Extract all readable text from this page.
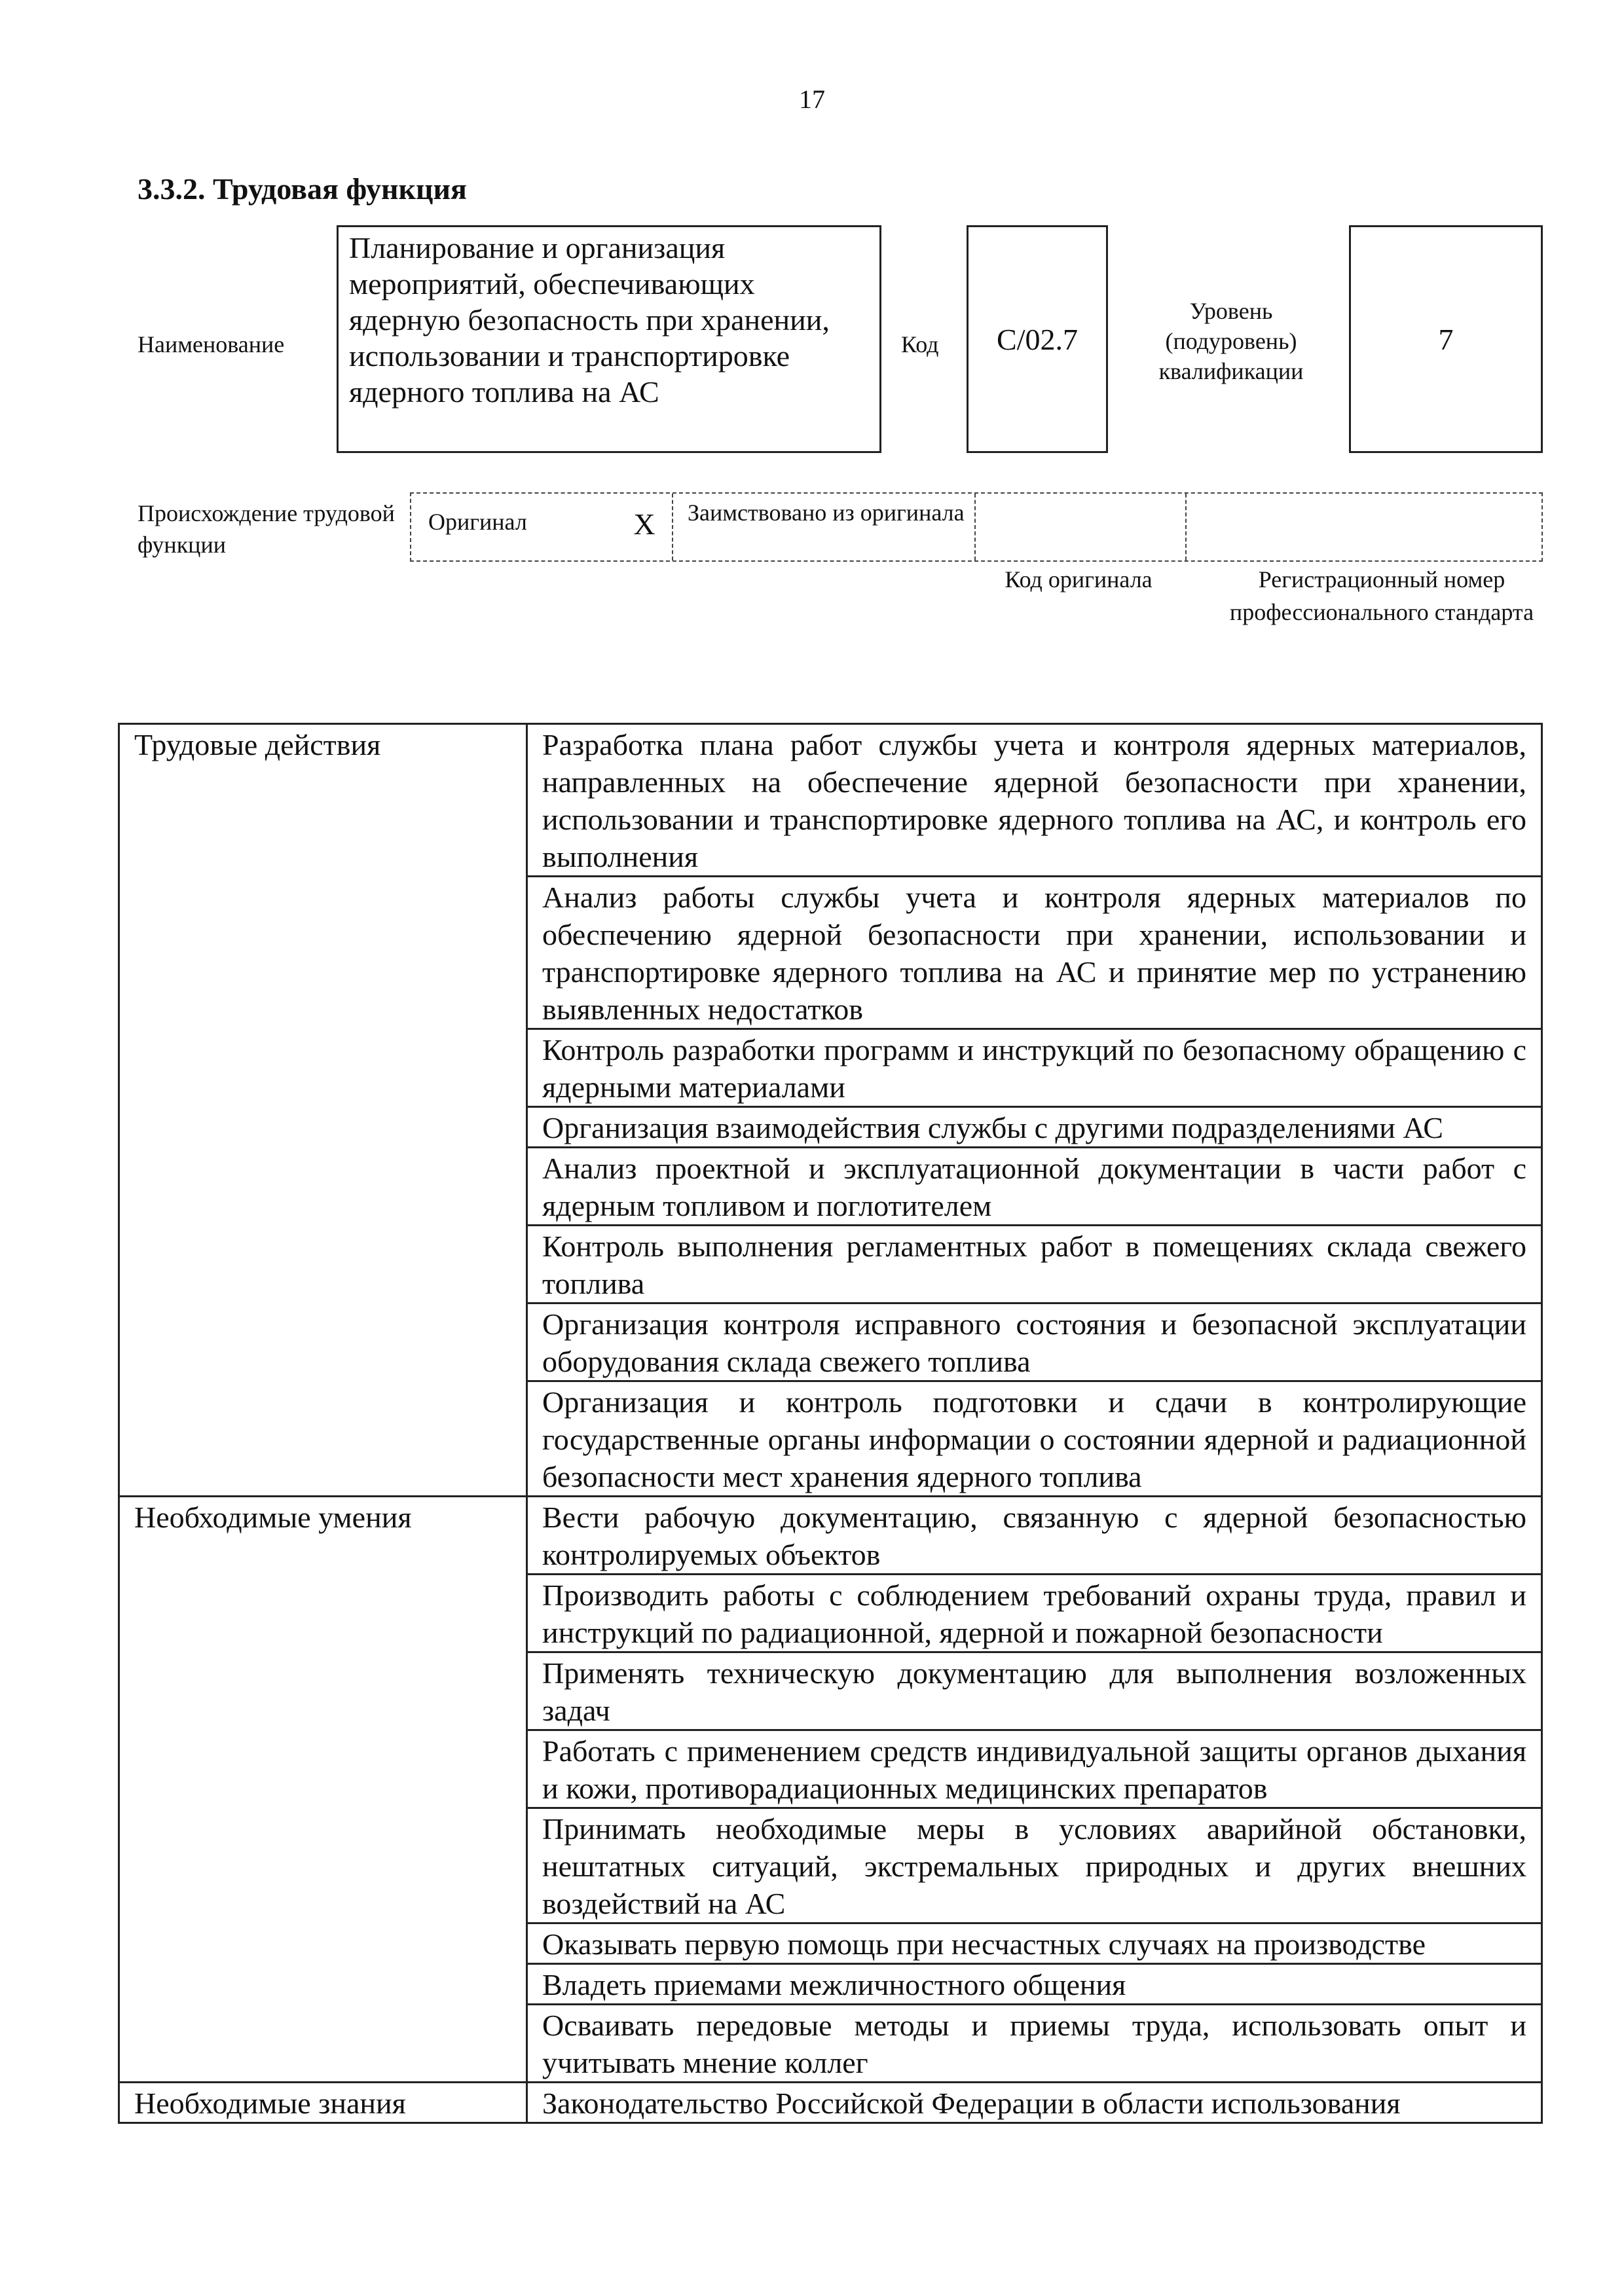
17
3.3.2. Трудовая функция
Наименование
Планирование и организация мероприятий, обеспечивающих ядерную безопасность при хранении, использовании и транспортировке ядерного топлива на АС
Код С/02.7
Уровень (подуровень) квалификации
7
Происхождение трудовой функции
Оригинал	X	Заимствовано из оригинала
Код оригинала	Регистрационный номер профессионального стандарта
Трудовые действия	Разработка плана работ службы учета и контроля ядерных материалов, направленных на обеспечение ядерной безопасности при хранении, использовании и транспортировке ядерного топлива на АС, и контроль его выполнения
	Анализ работы службы учета и контроля ядерных материалов по обеспечению ядерной безопасности при хранении, использовании и транспортировке ядерного топлива на АС и принятие мер по устранению выявленных недостатков
	Контроль разработки программ и инструкций по безопасному обращению с ядерными материалами
	Организация взаимодействия службы с другими подразделениями АС
	Анализ проектной и эксплуатационной документации в части работ с ядерным топливом и поглотителем
	Контроль выполнения регламентных работ в помещениях склада свежего топлива
	Организация контроля исправного состояния и безопасной эксплуатации оборудования склада свежего топлива
	Организация и контроль подготовки и сдачи в контролирующие государственные органы информации о состоянии ядерной и радиационной безопасности мест хранения ядерного топлива
Необходимые умения	Вести рабочую документацию, связанную с ядерной безопасностью контролируемых объектов
	Производить работы с соблюдением требований охраны труда, правил и инструкций по радиационной, ядерной и пожарной безопасности
	Применять техническую документацию для выполнения возложенных задач
	Работать с применением средств индивидуальной защиты органов дыхания и кожи, противорадиационных медицинских препаратов
	Принимать необходимые меры в условиях аварийной обстановки, нештатных ситуаций, экстремальных природных и других внешних воздействий на АС
	Оказывать первую помощь при несчастных случаях на производстве
	Владеть приемами межличностного общения
	Осваивать передовые методы и приемы труда, использовать опыт и учитывать мнение коллег
Необходимые знания	Законодательство Российской Федерации в области использования
